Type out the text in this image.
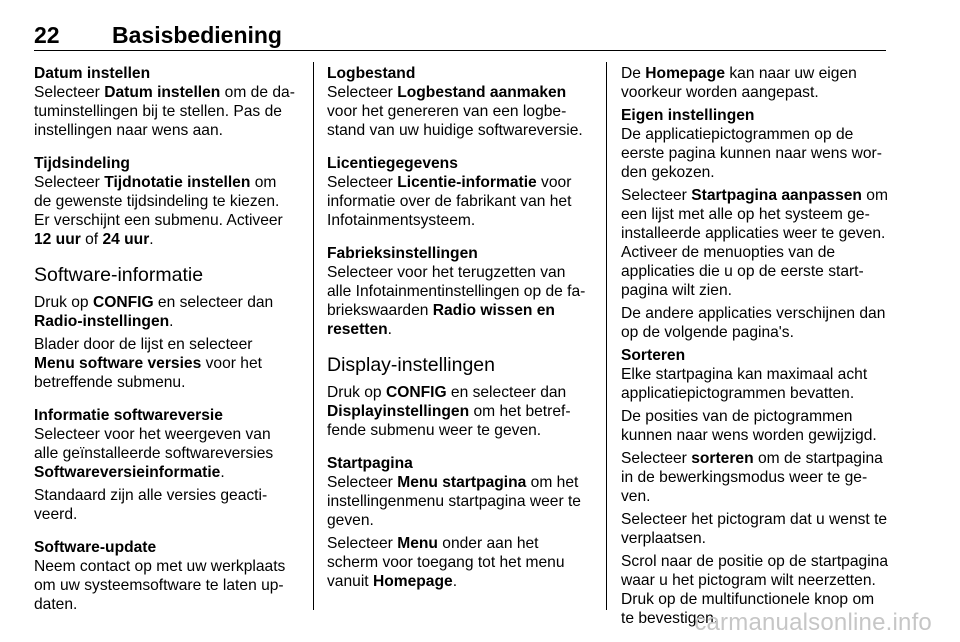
22 Basisbediening
Datum instellen

Selecteer Datum instellen om de datuminstellingen bij te stellen. Pas de instellingen naar wens aan.

Tijdsindeling

Selecteer Tijdnotatie instellen om de gewenste tijdsindeling te kiezen. Er verschijnt een submenu. Activeer 12 uur of 24 uur.

Software-informatie

Druk op CONFIG en selecteer dan Radio-instellingen.

Blader door de lijst en selecteer Menu software versies voor het betreffende submenu.

Informatie softwareversie

Selecteer voor het weergeven van alle geïnstalleerde softwareversies Softwareversieinformatie.

Standaard zijn alle versies geactiveerd.

Software-update

Neem contact op met uw werkplaats om uw systeemsoftware te laten updaten.

Logbestand

Selecteer Logbestand aanmaken voor het genereren van een logbestand van uw huidige softwareversie.

Licentiegegevens

Selecteer Licentie-informatie voor informatie over de fabrikant van het Infotainmentsysteem.

Fabrieksinstellingen

Selecteer voor het terugzetten van alle Infotainmentinstellingen op de fabriekswaarden Radio wissen en resetten.

Display-instellingen

Druk op CONFIG en selecteer dan Displayinstellingen om het betreffende submenu weer te geven.

Startpagina

Selecteer Menu startpagina om het instellingenmenu startpagina weer te geven.

Selecteer Menu onder aan het scherm voor toegang tot het menu vanuit Homepage.

De Homepage kan naar uw eigen voorkeur worden aangepast.

Eigen instellingen

De applicatiepictogrammen op de eerste pagina kunnen naar wens worden gekozen.

Selecteer Startpagina aanpassen om een lijst met alle op het systeem geinstalleerde applicaties weer te geven. Activeer de menuopties van de applicaties die u op de eerste startpagina wilt zien.

De andere applicaties verschijnen dan op de volgende pagina's.

Sorteren

Elke startpagina kan maximaal acht applicatiepictogrammen bevatten.

De posities van de pictogrammen kunnen naar wens worden gewijzigd.

Selecteer sorteren om de startpagina in de bewerkingsmodus weer te geven.

Selecteer het pictogram dat u wenst te verplaatsen.

Scrol naar de positie op de startpagina waar u het pictogram wilt neerzetten. Druk op de multifunctionele knop om te bevestigen.

carmanualsonline.info
